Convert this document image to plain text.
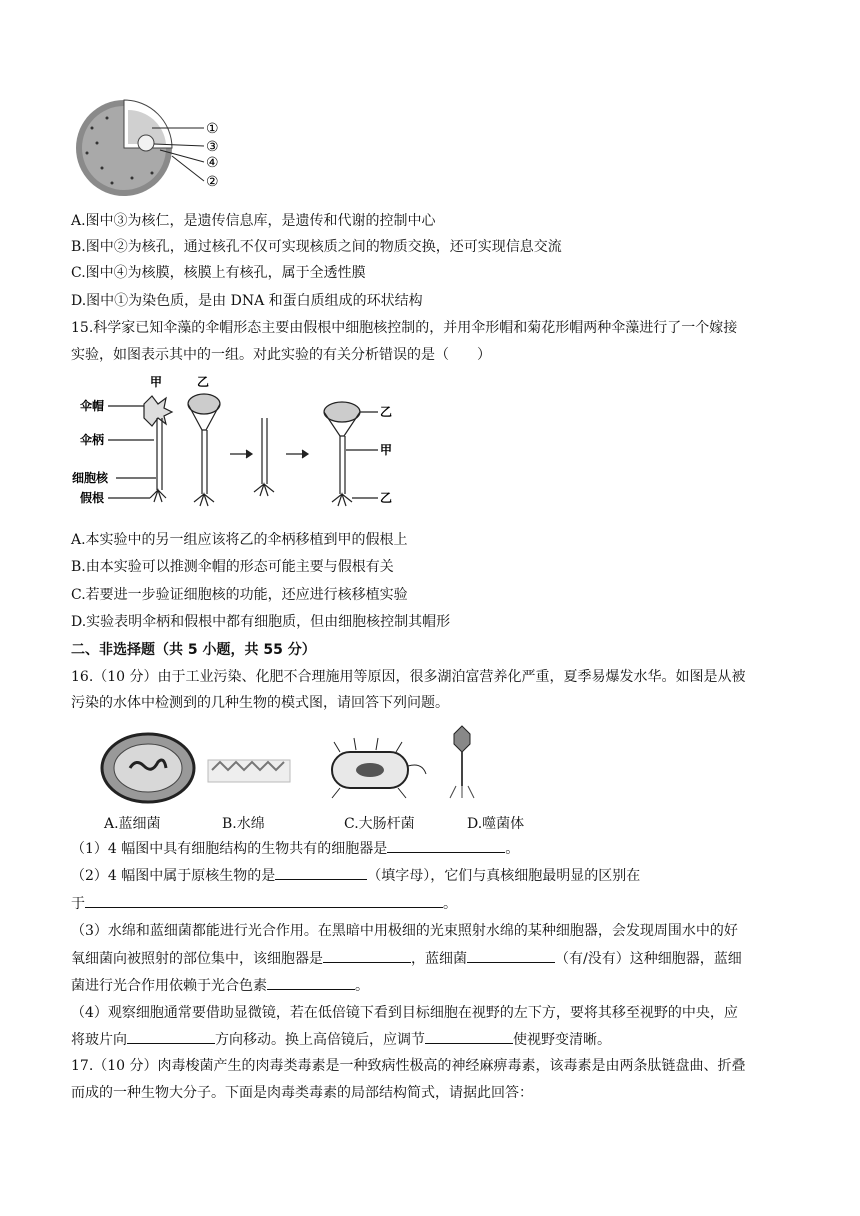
①
③
④
②
A.图中③为核仁，是遗传信息库，是遗传和代谢的控制中心
B.图中②为核孔，通过核孔不仅可实现核质之间的物质交换，还可实现信息交流
C.图中④为核膜，核膜上有核孔，属于全透性膜
D.图中①为染色质，是由 DNA 和蛋白质组成的环状结构
15.科学家已知伞藻的伞帽形态主要由假根中细胞核控制的，并用伞形帽和菊花形帽两种伞藻进行了一个嫁接
实验，如图表示其中的一组。对此实验的有关分析错误的是（　　）
甲	乙
伞帽
伞柄
细胞核
假根
乙
甲
乙
A.本实验中的另一组应该将乙的伞柄移植到甲的假根上
B.由本实验可以推测伞帽的形态可能主要与假根有关
C.若要进一步验证细胞核的功能，还应进行核移植实验
D.实验表明伞柄和假根中都有细胞质，但由细胞核控制其帽形
二、非选择题（共 5 小题，共 55 分）
16.（10 分）由于工业污染、化肥不合理施用等原因，很多湖泊富营养化严重，夏季易爆发水华。如图是从被
污染的水体中检测到的几种生物的模式图，请回答下列问题。
A.蓝细菌	B.水绵	C.大肠杆菌	D.噬菌体
（1）4 幅图中具有细胞结构的生物共有的细胞器是	。
（2）4 幅图中属于原核生物的是	（填字母），它们与真核细胞最明显的区别在
于	。
（3）水绵和蓝细菌都能进行光合作用。在黑暗中用极细的光束照射水绵的某种细胞器，会发现周围水中的好
氧细菌向被照射的部位集中，该细胞器是	，蓝细菌	（有/没有）这种细胞器，蓝细
菌进行光合作用依赖于光合色素	。
（4）观察细胞通常要借助显微镜，若在低倍镜下看到目标细胞在视野的左下方，要将其移至视野的中央，应
将玻片向	方向移动。换上高倍镜后，应调节	使视野变清晰。
17.（10 分）肉毒梭菌产生的肉毒类毒素是一种致病性极高的神经麻痹毒素，该毒素是由两条肽链盘曲、折叠
而成的一种生物大分子。下面是肉毒类毒素的局部结构简式，请据此回答：
